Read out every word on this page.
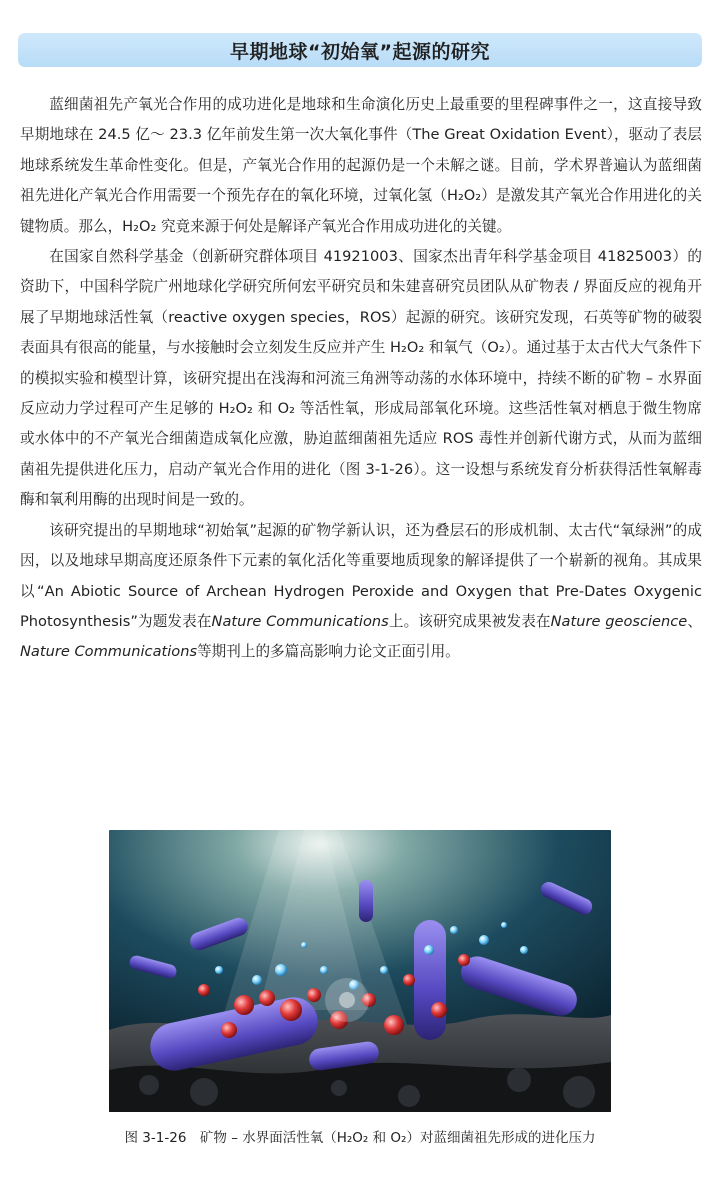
早期地球“初始氧”起源的研究

蓝细菌祖先产氧光合作用的成功进化是地球和生命演化历史上最重要的里程碑事件之一，这直接导致早期地球在 24.5 亿～ 23.3 亿年前发生第一次大氧化事件（The Great Oxidation Event），驱动了表层地球系统发生革命性变化。但是，产氧光合作用的起源仍是一个未解之谜。目前，学术界普遍认为蓝细菌祖先进化产氧光合作用需要一个预先存在的氧化环境，过氧化氢（H₂O₂）是激发其产氧光合作用进化的关键物质。那么，H₂O₂ 究竟来源于何处是解译产氧光合作用成功进化的关键。

在国家自然科学基金（创新研究群体项目 41921003、国家杰出青年科学基金项目 41825003）的资助下，中国科学院广州地球化学研究所何宏平研究员和朱建喜研究员团队从矿物表 / 界面反应的视角开展了早期地球活性氧（reactive oxygen species，ROS）起源的研究。该研究发现，石英等矿物的破裂表面具有很高的能量，与水接触时会立刻发生反应并产生 H₂O₂ 和氧气（O₂）。通过基于太古代大气条件下的模拟实验和模型计算，该研究提出在浅海和河流三角洲等动荡的水体环境中，持续不断的矿物 – 水界面反应动力学过程可产生足够的 H₂O₂ 和 O₂ 等活性氧，形成局部氧化环境。这些活性氧对栖息于微生物席或水体中的不产氧光合细菌造成氧化应激，胁迫蓝细菌祖先适应 ROS 毒性并创新代谢方式，从而为蓝细菌祖先提供进化压力，启动产氧光合作用的进化（图 3-1-26）。这一设想与系统发育分析获得活性氧解毒酶和氧利用酶的出现时间是一致的。

该研究提出的早期地球“初始氧”起源的矿物学新认识，还为叠层石的形成机制、太古代“氧绿洲”的成因，以及地球早期高度还原条件下元素的氧化活化等重要地质现象的解译提供了一个崭新的视角。其成果以“An Abiotic Source of Archean Hydrogen Peroxide and Oxygen that Pre-Dates Oxygenic Photosynthesis”为题发表在Nature Communications上。该研究成果被发表在Nature geoscience、Nature Communications等期刊上的多篇高影响力论文正面引用。

图 3-1-26　矿物 – 水界面活性氧（H₂O₂ 和 O₂）对蓝细菌祖先形成的进化压力
